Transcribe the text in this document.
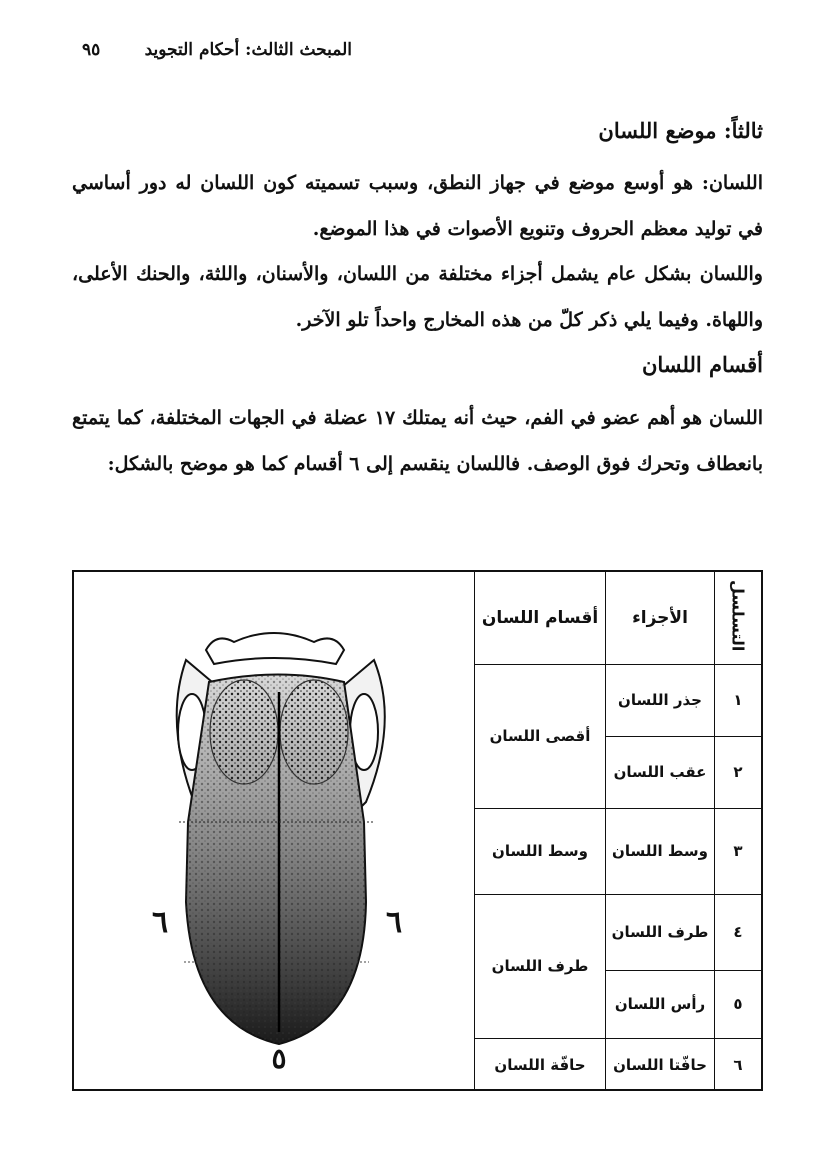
المبحث الثالث: أحكام التجويد
٩٥
ثالثاً: موضع اللسان
اللسان: هو أوسع موضع في جهاز النطق، وسبب تسميته كون اللسان له دور أساسي في توليد معظم الحروف وتنويع الأصوات في هذا الموضع.
واللسان بشكل عام يشمل أجزاء مختلفة من اللسان، والأسنان، واللثة، والحنك الأعلى، واللهاة. وفيما يلي ذكر كلّ من هذه المخارج واحداً تلو الآخر.
أقسام اللسان
اللسان هو أهم عضو في الفم، حيث أنه يمتلك ١٧ عضلة في الجهات المختلفة، كما يتمتع بانعطاف وتحرك فوق الوصف. فاللسان ينقسم إلى ٦ أقسام كما هو موضح بالشكل:
التسلسل	الأجزاء	أقسام اللسان
١	جذر اللسان	أقصى اللسان
٢	عقب اللسان	
٣	وسط اللسان	وسط اللسان
٤	طرف اللسان	طرف اللسان
٥	رأس اللسان	
٦	حافّتا اللسان	حافّة اللسان
٦	٦
٥
